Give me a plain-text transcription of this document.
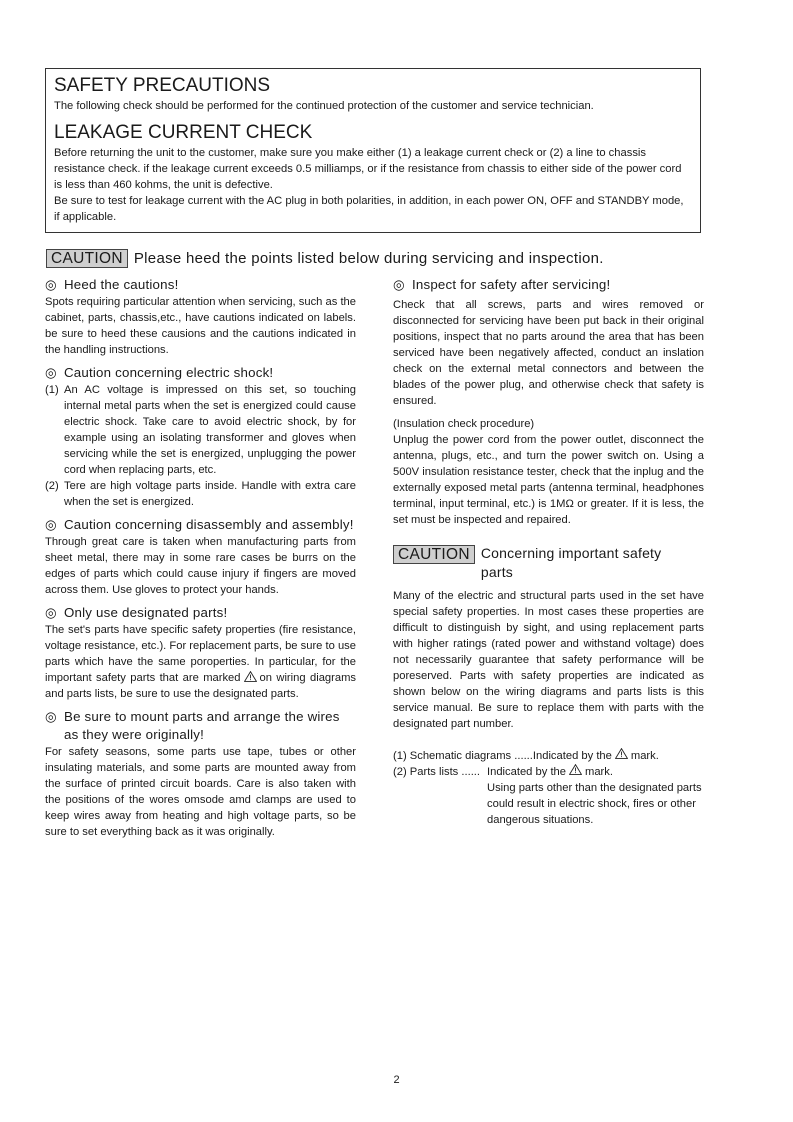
SAFETY PRECAUTIONS

The following check should be performed for the continued protection of the customer and service technician.

LEAKAGE CURRENT CHECK

Before returning the unit to the customer, make sure you make either (1) a leakage current check or (2) a line to chassis resistance check. if the leakage current exceeds 0.5 milliamps, or if the resistance from chassis to either side of the power cord is less than 460 kohms, the unit is defective.

Be sure to test for leakage current with the AC plug in both polarities, in addition, in each power ON, OFF and STANDBY mode, if applicable.

CAUTION Please heed the points listed below during servicing and inspection.
◎ Heed the cautions!

Spots requiring particular attention when servicing, such as the cabinet, parts, chassis,etc., have cautions indicated on labels. be sure to heed these causions and the cautions indicated in the handling instructions.

◎ Caution concerning electric shock!
(1) An AC voltage is impressed on this set, so touching internal metal parts when the set is energized could cause electric shock. Take care to avoid electric shock, by for example using an isolating transformer and gloves when servicing while the set is energized, unplugging the power cord when replacing parts, etc.
(2) Tere are high voltage parts inside. Handle with extra care when the set is energized.
◎ Caution concerning disassembly and assembly!

Through great care is taken when manufacturing parts from sheet metal, there may in some rare cases be burrs on the edges of parts which could cause injury if fingers are moved across them. Use gloves to protect your hands.

◎ Only use designated parts!

The set's parts have specific safety properties (fire resistance, voltage resistance, etc.). For replacement parts, be sure to use parts which have the same poroperties. In particular, for the important safety parts that are marked on wiring diagrams and parts lists, be sure to use the designated parts.

◎ Be sure to mount parts and arrange the wires as they were originally!

For safety seasons, some parts use tape, tubes or other insulating materials, and some parts are mounted away from the surface of printed circuit boards. Care is also taken with the positions of the wores omsode amd clamps are used to keep wires away from heating and high voltage parts, so be sure to set everything back as it was originally.

◎ Inspect for safety after servicing!

Check that all screws, parts and wires removed or disconnected for servicing have been put back in their original positions, inspect that no parts around the area that has been serviced have been negatively affected, conduct an inslation check on the external metal connectors and between the blades of the power plug, and otherwise check that safety is ensured.

(Insulation check procedure)

Unplug the power cord from the power outlet, disconnect the antenna, plugs, etc., and turn the power switch on. Using a 500V insulation resistance tester, check that the inplug and the externally exposed metal parts (antenna terminal, headphones terminal, input terminal, etc.) is 1MΩ or greater. If it is less, the set must be inspected and repaired.

CAUTION Concerning important safety parts

Many of the electric and structural parts used in the set have special safety properties. In most cases these properties are difficult to distinguish by sight, and using replacement parts with higher ratings (rated power and withstand voltage) does not necessarily guarantee that safety performance will be poreserved. Parts with safety properties are indicated as shown below on the wiring diagrams and parts lists is this service manual. Be sure to replace them with parts with the designated part number.

(1) Schematic diagrams ...... Indicated by the mark.
(2) Parts lists ...... Indicated by the mark.
Using parts other than the designated parts could result in electric shock, fires or other dangerous situations.
2
